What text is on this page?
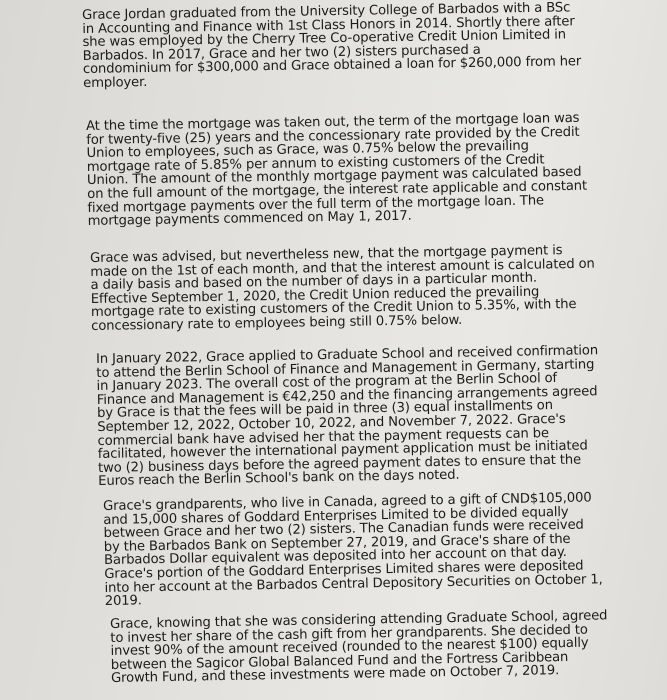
Grace Jordan graduated from the University College of Barbados with a BSc
in Accounting and Finance with 1st Class Honors in 2014. Shortly there after
she was employed by the Cherry Tree Co-operative Credit Union Limited in
Barbados. In 2017, Grace and her two (2) sisters purchased a
condominium for $300,000 and Grace obtained a loan for $260,000 from her
employer.

At the time the mortgage was taken out, the term of the mortgage loan was
for twenty-five (25) years and the concessionary rate provided by the Credit
Union to employees, such as Grace, was 0.75% below the prevailing
mortgage rate of 5.85% per annum to existing customers of the Credit
Union. The amount of the monthly mortgage payment was calculated based
on the full amount of the mortgage, the interest rate applicable and constant
fixed mortgage payments over the full term of the mortgage loan. The
mortgage payments commenced on May 1, 2017.

Grace was advised, but nevertheless new, that the mortgage payment is
made on the 1st of each month, and that the interest amount is calculated on
a daily basis and based on the number of days in a particular month.
Effective September 1, 2020, the Credit Union reduced the prevailing
mortgage rate to existing customers of the Credit Union to 5.35%, with the
concessionary rate to employees being still 0.75% below.

In January 2022, Grace applied to Graduate School and received confirmation
to attend the Berlin School of Finance and Management in Germany, starting
in January 2023. The overall cost of the program at the Berlin School of
Finance and Management is €42,250 and the financing arrangements agreed
by Grace is that the fees will be paid in three (3) equal installments on
September 12, 2022, October 10, 2022, and November 7, 2022. Grace's
commercial bank have advised her that the payment requests can be
facilitated, however the international payment application must be initiated
two (2) business days before the agreed payment dates to ensure that the
Euros reach the Berlin School's bank on the days noted.

Grace's grandparents, who live in Canada, agreed to a gift of CND$105,000
and 15,000 shares of Goddard Enterprises Limited to be divided equally
between Grace and her two (2) sisters. The Canadian funds were received
by the Barbados Bank on September 27, 2019, and Grace's share of the
Barbados Dollar equivalent was deposited into her account on that day.
Grace's portion of the Goddard Enterprises Limited shares were deposited
into her account at the Barbados Central Depository Securities on October 1,
2019.

Grace, knowing that she was considering attending Graduate School, agreed
to invest her share of the cash gift from her grandparents. She decided to
invest 90% of the amount received (rounded to the nearest $100) equally
between the Sagicor Global Balanced Fund and the Fortress Caribbean
Growth Fund, and these investments were made on October 7, 2019.
